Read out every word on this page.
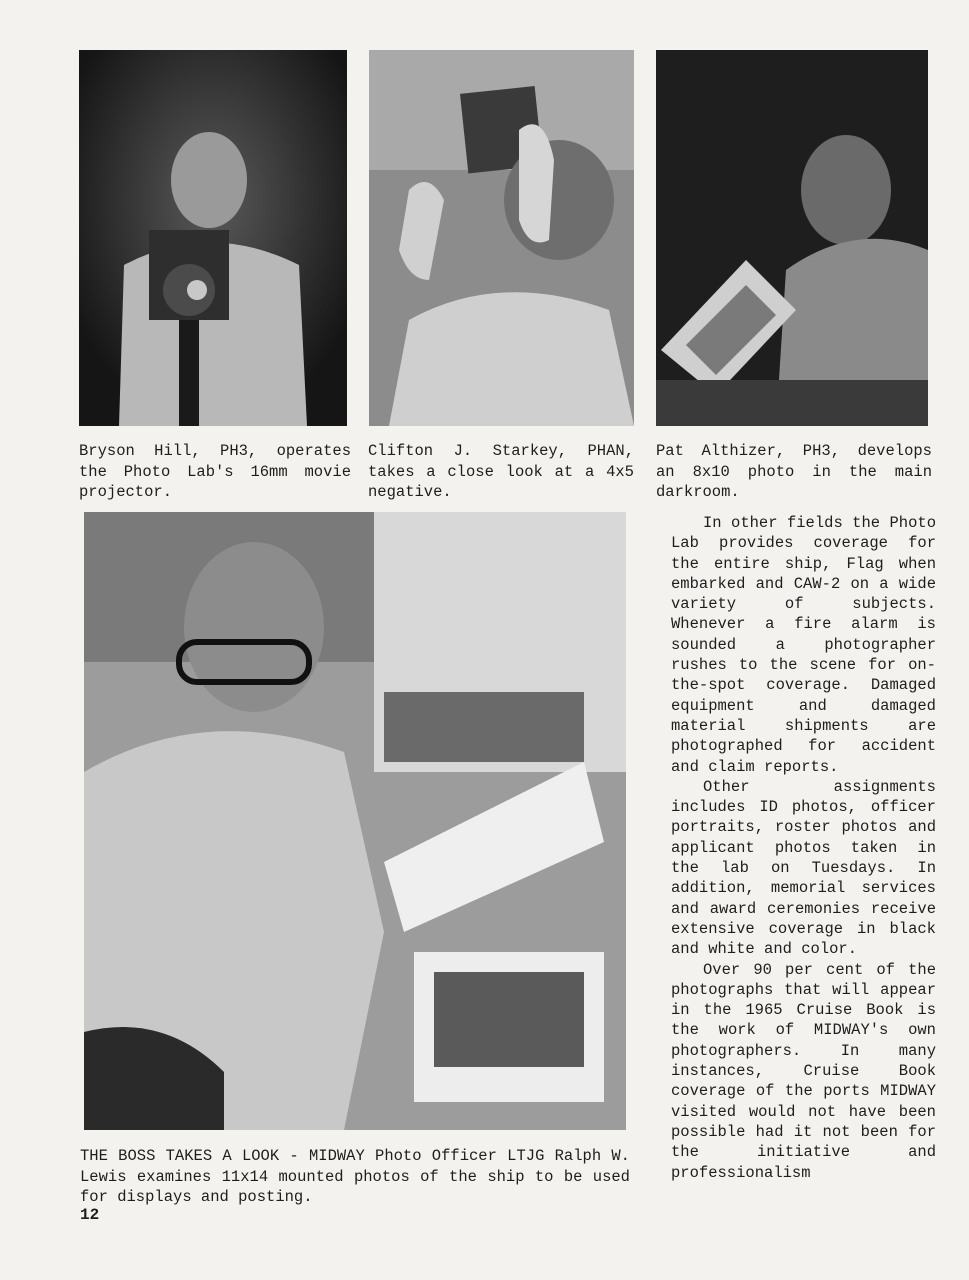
Bryson Hill, PH3, operates the Photo Lab's 16mm movie projector.
Clifton J. Starkey, PHAN, takes a close look at a 4x5 negative.
Pat Althizer, PH3, develops an 8x10 photo in the main darkroom.
THE BOSS TAKES A LOOK - MIDWAY Photo Officer LTJG Ralph W. Lewis examines 11x14 mounted photos of the ship to be used for displays and posting.

In other fields the Photo Lab provides coverage for the entire ship, Flag when embarked and CAW-2 on a wide variety of subjects. Whenever a fire alarm is sounded a photographer rushes to the scene for on-the-spot coverage. Damaged equipment and damaged material shipments are photographed for accident and claim reports.

Other assignments includes ID photos, officer portraits, roster photos and applicant photos taken in the lab on Tuesdays. In addition, memorial services and award ceremonies receive extensive coverage in black and white and color.

Over 90 per cent of the photographs that will appear in the 1965 Cruise Book is the work of MIDWAY's own photographers. In many instances, Cruise Book coverage of the ports MIDWAY visited would not have been possible had it not been for the initiative and professionalism

12
